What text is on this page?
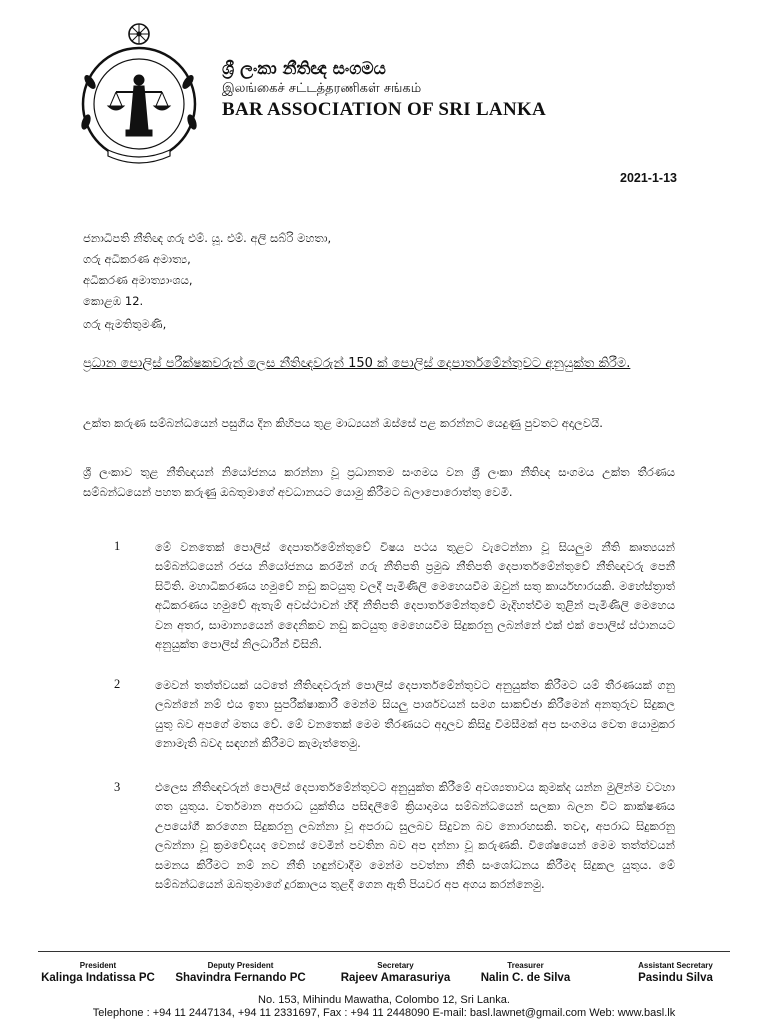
ශ්‍රී ලංකා නීතිඥ සංගමය
இலங்கைச் சட்டத்தரணிகள் சங்கம்
BAR ASSOCIATION OF SRI LANKA
2021-1-13
ජනාධිපති නීතිඥ ගරු එම්. යූ. එම්. අලි සබ්රි මහතා,
ගරු අධිකරණ අමාත්‍ය,
අධිකරණ අමාත්‍යාංශය,
කොළඹ 12.
ගරු ඇමතිතුමණි,
ප්‍රධාන පොලිස් පරීක්ෂකවරුන් ලෙස නීතිඥවරුන් 150 ක් පොලිස් දෙපාර්තමේන්තුවට අනුයුක්ත කිරීම.
උක්ත කරුණ සම්බන්ධයෙන් පසුගිය දින කිහිපය තුළ මාධ්‍යයන් ඔස්සේ පළ කරන්නට යෙදුණු පුවතට අදාලවයි.
ශ්‍රී ලංකාව තුළ නීතිඥයන් නියෝජනය කරන්නා වූ ප්‍රධානතම සංගමය වන ශ්‍රී ලංකා නීතිඥ සංගමය උක්ත තීරණය සම්බන්ධයෙන් පහත කරුණු ඔබතුමාගේ අවධානයට යොමු කිරීමට බලාපොරොත්තු වෙමි.
1	මේ වනතෙක් පොලිස් දෙපාර්තමේන්තුවේ විෂය පථය තුළට වැටෙන්නා වූ සියලුම නීති කෘත්‍යයන් සම්බන්ධයෙන් රජය නියෝජනය කරමින් ගරු නීතිපති ප්‍රමුඛ නීතිපති දෙපාර්තමේන්තුවේ නීතිඥවරු පෙනී සිටිති. මහාධිකරණය හමුවේ නඩු කටයුතු වලදී පැමිණිලි මෙහෙයවීම ඔවුන් සතු කාර්යභාරයකි. මහේස්ත්‍රාත් අධිකරණය හමුවේ ඇතැම් අවස්ථාවන් හිදී නීතිපති දෙපාර්තමේන්තුවේ මැදිහත්වීම තුළින් පැමිණිලි මෙහෙය වන අතර, සාමාන්‍යයෙන් දෛනිකව නඩු කටයුතු මෙහෙයවීම සිදුකරනු ලබන්නේ එක් එක් පොලිස් ස්ථානයට අනුයුක්ත පොලිස් නිලධාරීන් විසිනි.
2	මෙවන් තත්ත්වයක් යටතේ නීතිඥවරුන් පොලිස් දෙපාර්තමේන්තුවට අනුයුක්ත කිරීමට යම් තීරණයක් ගනු ලබන්නේ නම් එය ඉතා සුපරීක්ෂාකාරී මෙන්ම සියලු පාර්ශවයන් සමග සාකච්ඡා කිරීමෙන් අනතුරුව සිදුකල යුතු බව අපගේ මතය වේ. මේ වනතෙක් මෙම තීරණයට අදාලව කිසිදු විමසීමක් අප සංගමය වෙත යොමුකර නොමැති බවද සඳහන් කිරීමට කැමැත්තෙමු.
3	එලෙස නීතිඥවරුන් පොලිස් දෙපාර්තමේන්තුවට අනුයුක්ත කිරීමේ අවශ්‍යතාවය කුමක්ද යන්න මුලින්ම වටහා ගත යුතුය. වර්තමාන අපරාධ යුක්තිය පසිඳලීමේ ක්‍රියාදාමය සම්බන්ධයෙන් සලකා බලන විට කාක්ෂණය උපයෝගී කරගෙන සිදුකරනු ලබන්නා වූ අපරාධ සුලබව සිදුවන බව නොරහසකි. තවද, අපරාධ සිදුකරනු ලබන්නා වූ ක්‍රමවේදයද වෙනස් වෙමින් පවතින බව අප දන්නා වූ කරුණකි. විශේෂයෙන් මෙම තත්ත්වයන් සමනය කිරීමට නම් නව නීති හඳුන්වාදීම මෙන්ම පවත්නා නීති සංශෝධනය කිරීමද සිදුකල යුතුය. මේ සම්බන්ධයෙන් ඔබතුමාගේ දූරකාලය තුළදී ගෙන ඇති පියවර අප අගය කරන්නෙමු.
President
Kalinga Indatissa PC
Deputy President
Shavindra Fernando PC
Secretary
Rajeev Amarasuriya
Treasurer
Nalin C. de Silva
Assistant Secretary
Pasindu Silva
No. 153, Mihindu Mawatha, Colombo 12, Sri Lanka.
Telephone : +94 11 2447134, +94 11 2331697, Fax : +94 11 2448090 E-mail: basl.lawnet@gmail.com Web: www.basl.lk
